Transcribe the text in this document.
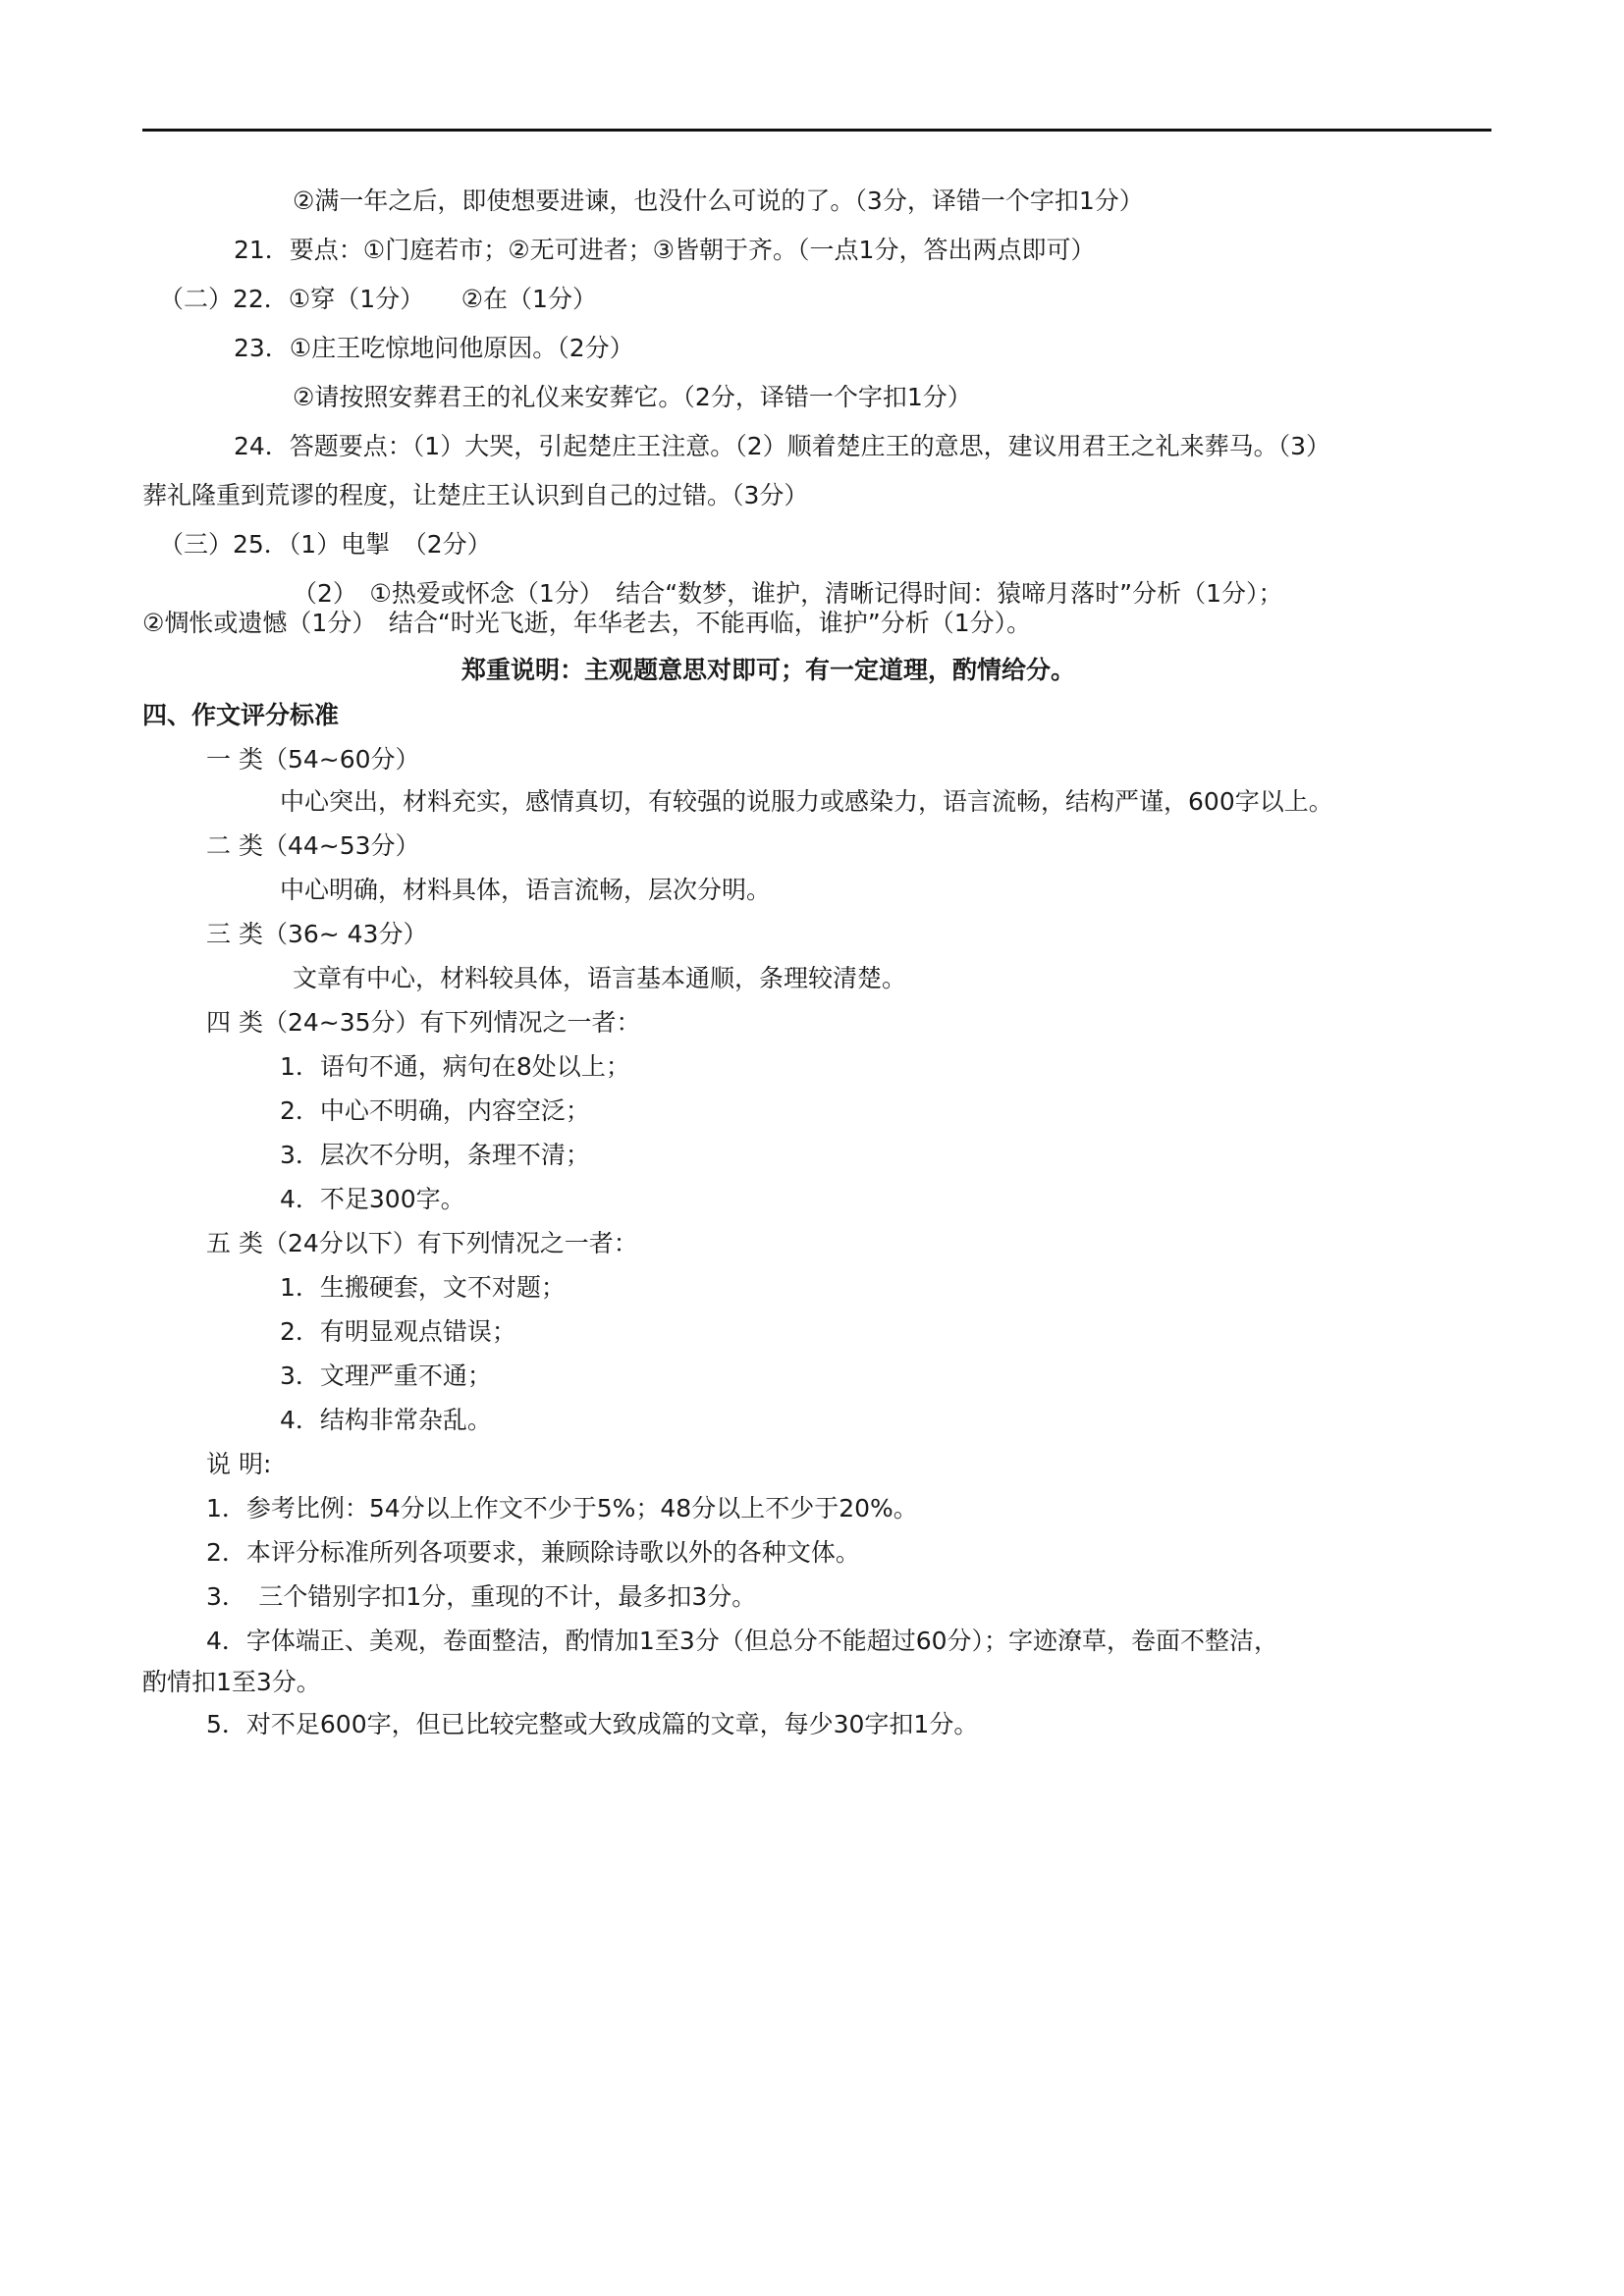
②满一年之后，即使想要进谏，也没什么可说的了。（3分，译错一个字扣1分）
21．要点：①门庭若市；②无可进者；③皆朝于齐。（一点1分，答出两点即可）
（二）22．①穿（1分）　　②在（1分）
23．①庄王吃惊地问他原因。（2分）
②请按照安葬君王的礼仪来安葬它。（2分，译错一个字扣1分）
24．答题要点：（1）大哭，引起楚庄王注意。（2）顺着楚庄王的意思，建议用君王之礼来葬马。（3）
葬礼隆重到荒谬的程度，让楚庄王认识到自己的过错。（3分）
（三）25．（1）电掣　（2分）
（2）　①热爱或怀念（1分）　结合“数梦，谁护，清晰记得时间：猿啼月落时”分析（1分）；
②惆怅或遗憾（1分）　结合“时光飞逝，年华老去，不能再临，谁护”分析（1分）。
郑重说明：主观题意思对即可；有一定道理，酌情给分。
四、作文评分标准
一 类（54~60分）
中心突出，材料充实，感情真切，有较强的说服力或感染力，语言流畅，结构严谨，600字以上。
二 类（44~53分）
中心明确，材料具体，语言流畅，层次分明。
三 类（36~ 43分）
文章有中心，材料较具体，语言基本通顺，条理较清楚。
四 类（24~35分）有下列情况之一者：
1．语句不通，病句在8处以上；
2．中心不明确，内容空泛；
3．层次不分明，条理不清；
4．不足300字。
五 类（24分以下）有下列情况之一者：
1．生搬硬套，文不对题；
2．有明显观点错误；
3．文理严重不通；
4．结构非常杂乱。
说 明:
1．参考比例：54分以上作文不少于5%；48分以上不少于20%。
2．本评分标准所列各项要求，兼顾除诗歌以外的各种文体。
3．　三个错别字扣1分，重现的不计，最多扣3分。
4．字体端正、美观，卷面整洁，酌情加1至3分（但总分不能超过60分）；字迹潦草，卷面不整洁，
酌情扣1至3分。
5．对不足600字，但已比较完整或大致成篇的文章，每少30字扣1分。
